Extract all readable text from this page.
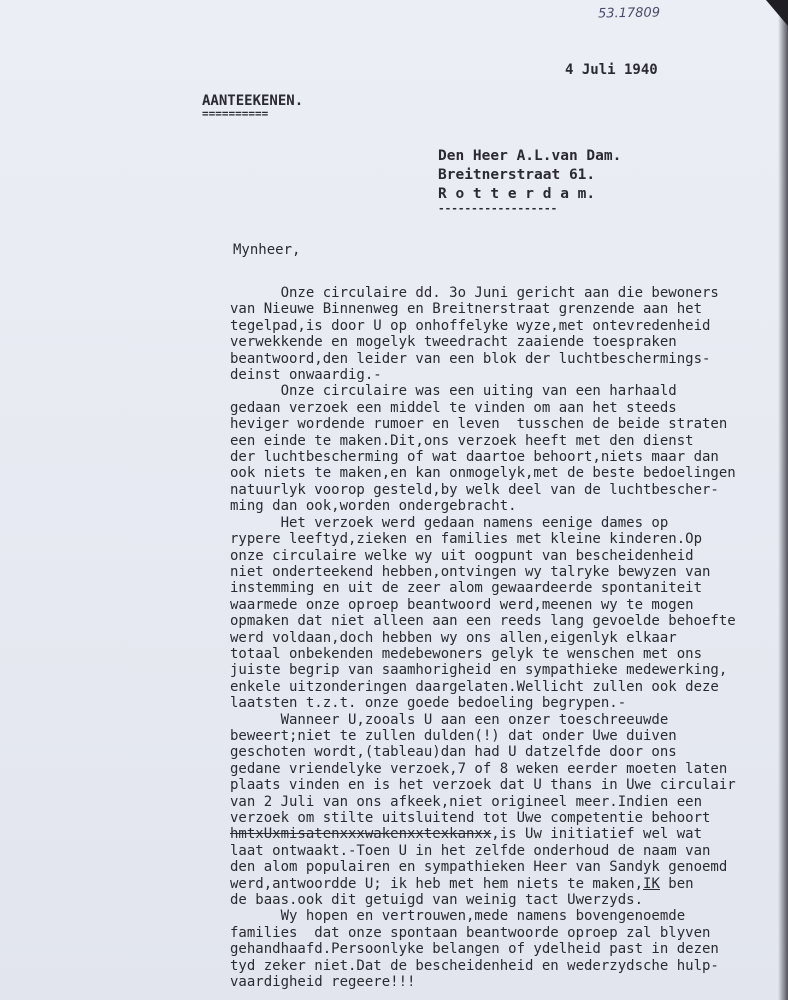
53.17809
4 Juli 1940
AANTEEKENEN.
==========
Den Heer A.L.van Dam.
Breitnerstraat 61.
R o t t e r d a m.
------------------
Mynheer,
Onze circulaire dd. 3o Juni gericht aan die bewoners
van Nieuwe Binnenweg en Breitnerstraat grenzende aan het
tegelpad,is door U op onhoffelyke wyze,met ontevredenheid
verwekkende en mogelyk tweedracht zaaiende toespraken
beantwoord,den leider van een blok der luchtbeschermings-
deinst onwaardig.-
Onze circulaire was een uiting van een harhaald
gedaan verzoek een middel te vinden om aan het steeds
heviger wordende rumoer en leven  tusschen de beide straten
een einde te maken.Dit,ons verzoek heeft met den dienst
der luchtbescherming of wat daartoe behoort,niets maar dan
ook niets te maken,en kan onmogelyk,met de beste bedoelingen
natuurlyk voorop gesteld,by welk deel van de luchtbescher-
ming dan ook,worden ondergebracht.
Het verzoek werd gedaan namens eenige dames op
rypere leeftyd,zieken en families met kleine kinderen.Op
onze circulaire welke wy uit oogpunt van bescheidenheid
niet onderteekend hebben,ontvingen wy talryke bewyzen van
instemming en uit de zeer alom gewaardeerde spontaniteit
waarmede onze oproep beantwoord werd,meenen wy te mogen
opmaken dat niet alleen aan een reeds lang gevoelde behoefte
werd voldaan,doch hebben wy ons allen,eigenlyk elkaar
totaal onbekenden medebewoners gelyk te wenschen met ons
juiste begrip van saamhorigheid en sympathieke medewerking,
enkele uitzonderingen daargelaten.Wellicht zullen ook deze
laatsten t.z.t. onze goede bedoeling begrypen.-
Wanneer U,zooals U aan een onzer toeschreeuwde
beweert;niet te zullen dulden(!) dat onder Uwe duiven
geschoten wordt,(tableau)dan had U datzelfde door ons
gedane vriendelyke verzoek,7 of 8 weken eerder moeten laten
plaats vinden en is het verzoek dat U thans in Uwe circulair
van 2 Juli van ons afkeek,niet origineel meer.Indien een
verzoek om stilte uitsluitend tot Uwe competentie behoort
hmtxUxmisatenxxxwakenxxtexkanxx,is Uw initiatief wel wat
laat ontwaakt.-Toen U in het zelfde onderhoud de naam van
den alom populairen en sympathieken Heer van Sandyk genoemd
werd,antwoordde U; ik heb met hem niets te maken,IK ben
de baas.ook dit getuigd van weinig tact Uwerzyds.
Wy hopen en vertrouwen,mede namens bovengenoemde
families  dat onze spontaan beantwoorde oproep zal blyven
gehandhaafd.Persoonlyke belangen of ydelheid past in dezen
tyd zeker niet.Dat de bescheidenheid en wederzydsche hulp-
vaardigheid regeere!!!
